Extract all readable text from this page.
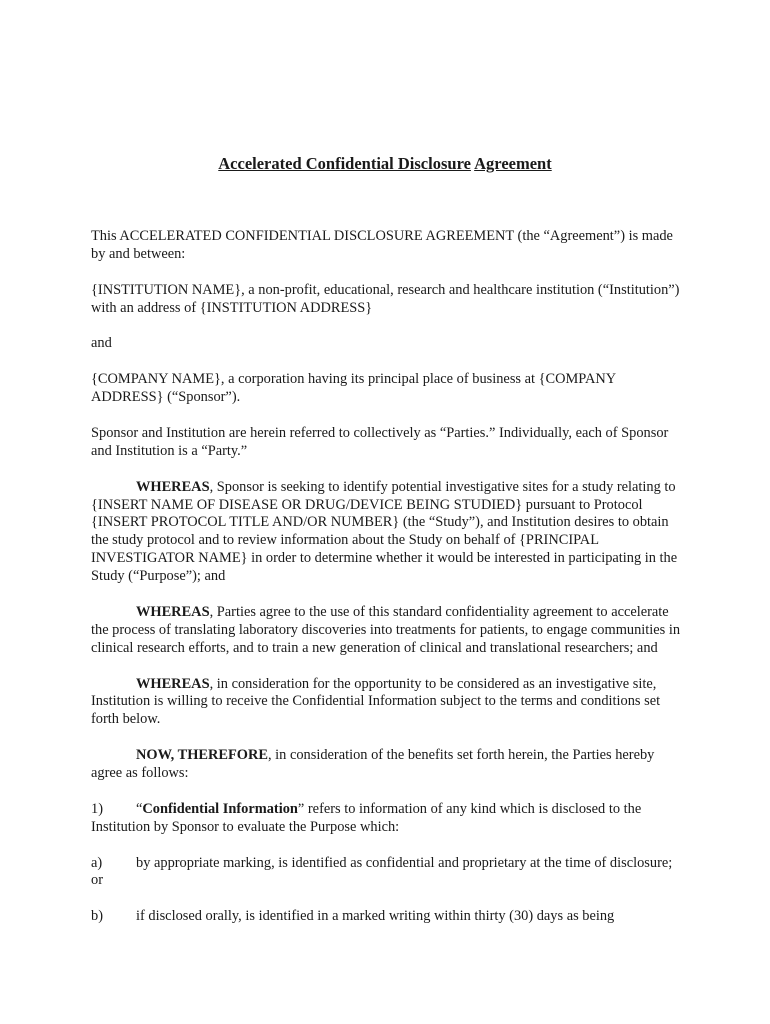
Accelerated Confidential Disclosure Agreement

This ACCELERATED CONFIDENTIAL DISCLOSURE AGREEMENT (the “Agreement”) is made by and between:

{INSTITUTION NAME}, a non-profit, educational, research and healthcare institution (“Institution”) with an address of {INSTITUTION ADDRESS}

and

{COMPANY NAME}, a corporation having its principal place of business at {COMPANY ADDRESS} (“Sponsor”).

Sponsor and Institution are herein referred to collectively as “Parties.” Individually, each of Sponsor and Institution is a “Party.”

WHEREAS, Sponsor is seeking to identify potential investigative sites for a study relating to {INSERT NAME OF DISEASE OR DRUG/DEVICE BEING STUDIED} pursuant to Protocol {INSERT PROTOCOL TITLE AND/OR NUMBER} (the “Study”), and Institution desires to obtain the study protocol and to review information about the Study on behalf of {PRINCIPAL INVESTIGATOR NAME} in order to determine whether it would be interested in participating in the Study (“Purpose”); and

WHEREAS, Parties agree to the use of this standard confidentiality agreement to accelerate the process of translating laboratory discoveries into treatments for patients, to engage communities in clinical research efforts, and to train a new generation of clinical and translational researchers; and

WHEREAS, in consideration for the opportunity to be considered as an investigative site, Institution is willing to receive the Confidential Information subject to the terms and conditions set forth below.

NOW, THEREFORE, in consideration of the benefits set forth herein, the Parties hereby agree as follows:

1) “Confidential Information” refers to information of any kind which is disclosed to the Institution by Sponsor to evaluate the Purpose which:

a) by appropriate marking, is identified as confidential and proprietary at the time of disclosure; or

b) if disclosed orally, is identified in a marked writing within thirty (30) days as being
